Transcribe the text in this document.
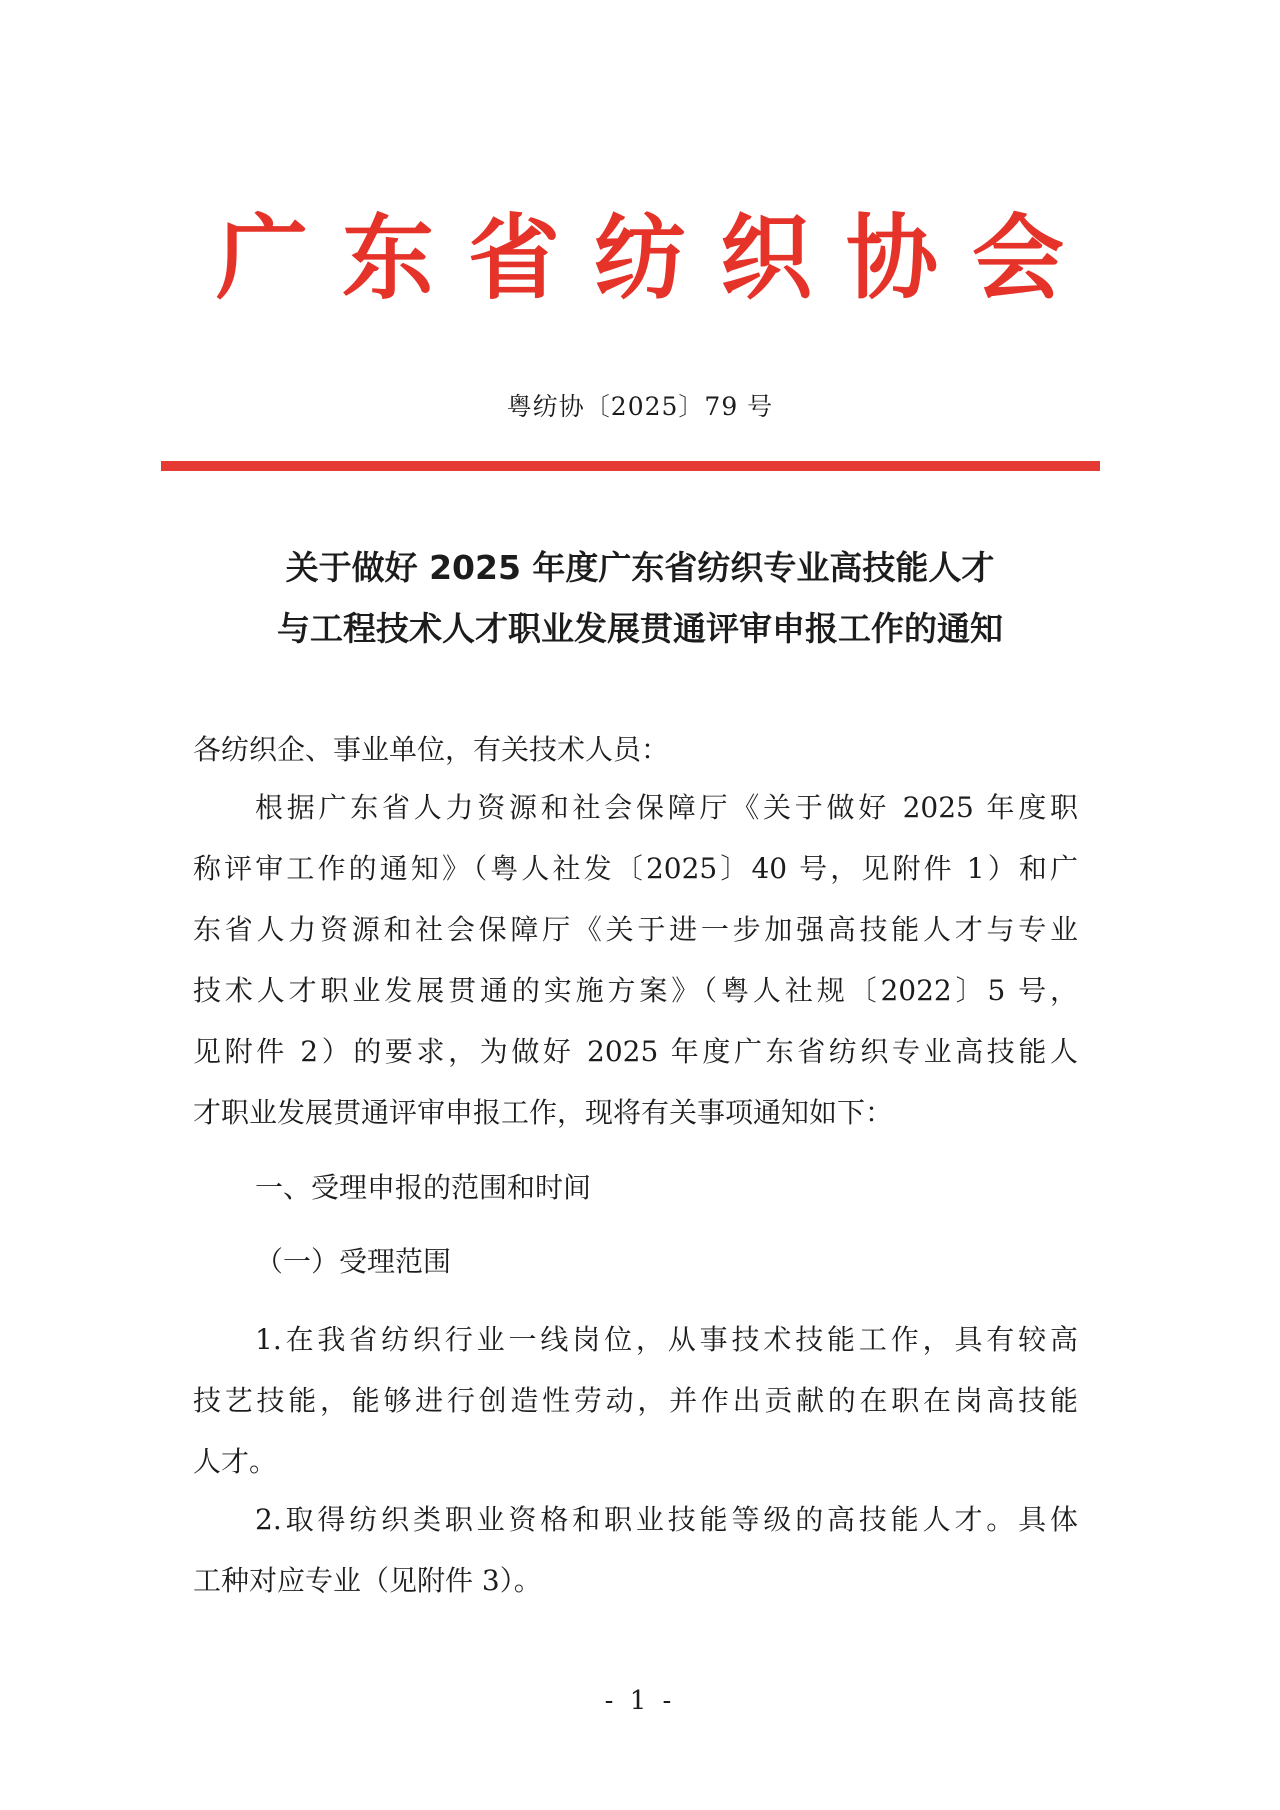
广东省纺织协会
粤纺协〔2025〕79 号
关于做好 2025 年度广东省纺织专业高技能人才
与工程技术人才职业发展贯通评审申报工作的通知
各纺织企、事业单位，有关技术人员：
根据广东省人力资源和社会保障厅《关于做好 2025 年度职
称评审工作的通知》（粤人社发〔2025〕40 号，见附件 1）和广
东省人力资源和社会保障厅《关于进一步加强高技能人才与专业
技术人才职业发展贯通的实施方案》（粤人社规〔2022〕5 号，
见附件 2）的要求，为做好 2025 年度广东省纺织专业高技能人
才职业发展贯通评审申报工作，现将有关事项通知如下：
一、受理申报的范围和时间
（一）受理范围
1.在我省纺织行业一线岗位，从事技术技能工作，具有较高
技艺技能，能够进行创造性劳动，并作出贡献的在职在岗高技能
人才。
2.取得纺织类职业资格和职业技能等级的高技能人才。具体
工种对应专业（见附件 3）。
- 1 -
